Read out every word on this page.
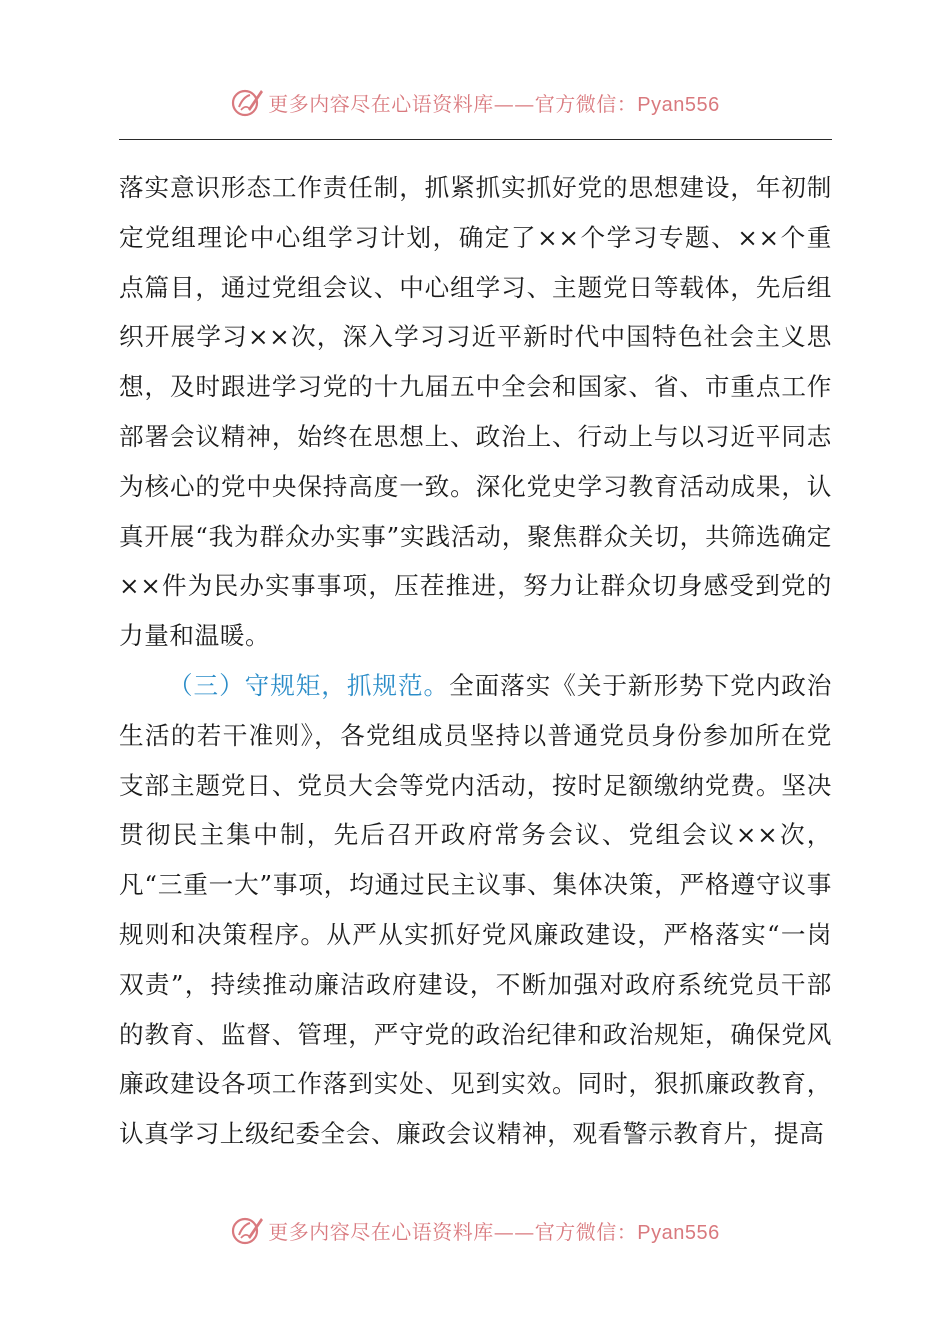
更多内容尽在心语资料库——官方微信：Pyan556

落实意识形态工作责任制，抓紧抓实抓好党的思想建设，年初制定党组理论中心组学习计划，确定了××个学习专题、××个重点篇目，通过党组会议、中心组学习、主题党日等载体，先后组织开展学习××次，深入学习习近平新时代中国特色社会主义思想，及时跟进学习党的十九届五中全会和国家、省、市重点工作部署会议精神，始终在思想上、政治上、行动上与以习近平同志为核心的党中央保持高度一致。深化党史学习教育活动成果，认真开展“我为群众办实事”实践活动，聚焦群众关切，共筛选确定××件为民办实事事项，压茬推进，努力让群众切身感受到党的力量和温暖。

（三）守规矩，抓规范。全面落实《关于新形势下党内政治生活的若干准则》，各党组成员坚持以普通党员身份参加所在党支部主题党日、党员大会等党内活动，按时足额缴纳党费。坚决贯彻民主集中制，先后召开政府常务会议、党组会议××次，凡“三重一大”事项，均通过民主议事、集体决策，严格遵守议事规则和决策程序。从严从实抓好党风廉政建设，严格落实“一岗双责”，持续推动廉洁政府建设，不断加强对政府系统党员干部的教育、监督、管理，严守党的政治纪律和政治规矩，确保党风廉政建设各项工作落到实处、见到实效。同时，狠抓廉政教育，认真学习上级纪委全会、廉政会议精神，观看警示教育片，提高

更多内容尽在心语资料库——官方微信：Pyan556
